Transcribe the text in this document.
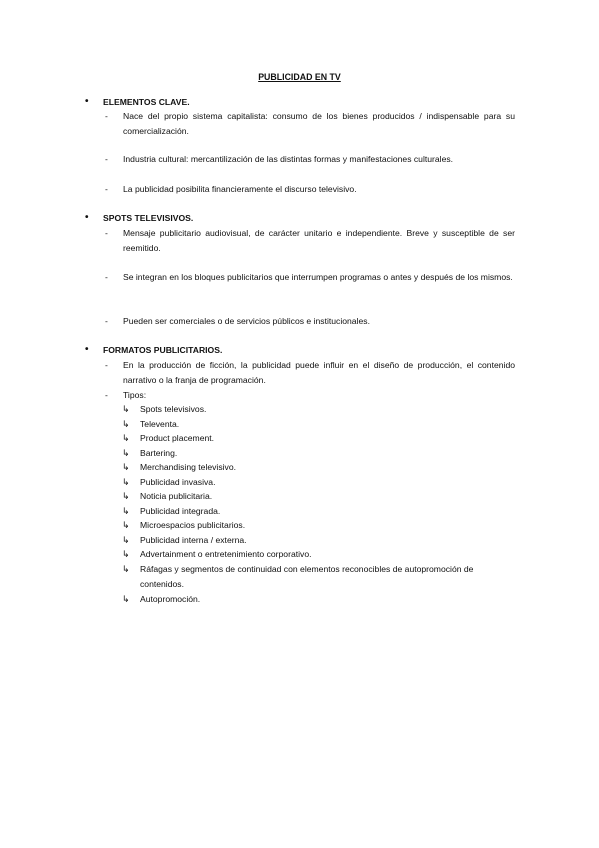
PUBLICIDAD EN TV
• ELEMENTOS CLAVE.
- Nace del propio sistema capitalista: consumo de los bienes producidos / indispensable para su comercialización.
- Industria cultural: mercantilización de las distintas formas y manifestaciones culturales.
- La publicidad posibilita financieramente el discurso televisivo.
• SPOTS TELEVISIVOS.
- Mensaje publicitario audiovisual, de carácter unitario e independiente. Breve y susceptible de ser reemitido.
- Se integran en los bloques publicitarios que interrumpen programas o antes y después de los mismos.
- Pueden ser comerciales o de servicios públicos e institucionales.
• FORMATOS PUBLICITARIOS.
- En la producción de ficción, la publicidad puede influir en el diseño de producción, el contenido narrativo o la franja de programación.
- Tipos:
↳ Spots televisivos.
↳ Televenta.
↳ Product placement.
↳ Bartering.
↳ Merchandising televisivo.
↳ Publicidad invasiva.
↳ Noticia publicitaria.
↳ Publicidad integrada.
↳ Microespacios publicitarios.
↳ Publicidad interna / externa.
↳ Advertainment o entretenimiento corporativo.
↳ Ráfagas y segmentos de continuidad con elementos reconocibles de autopromoción de contenidos.
↳ Autopromoción.
